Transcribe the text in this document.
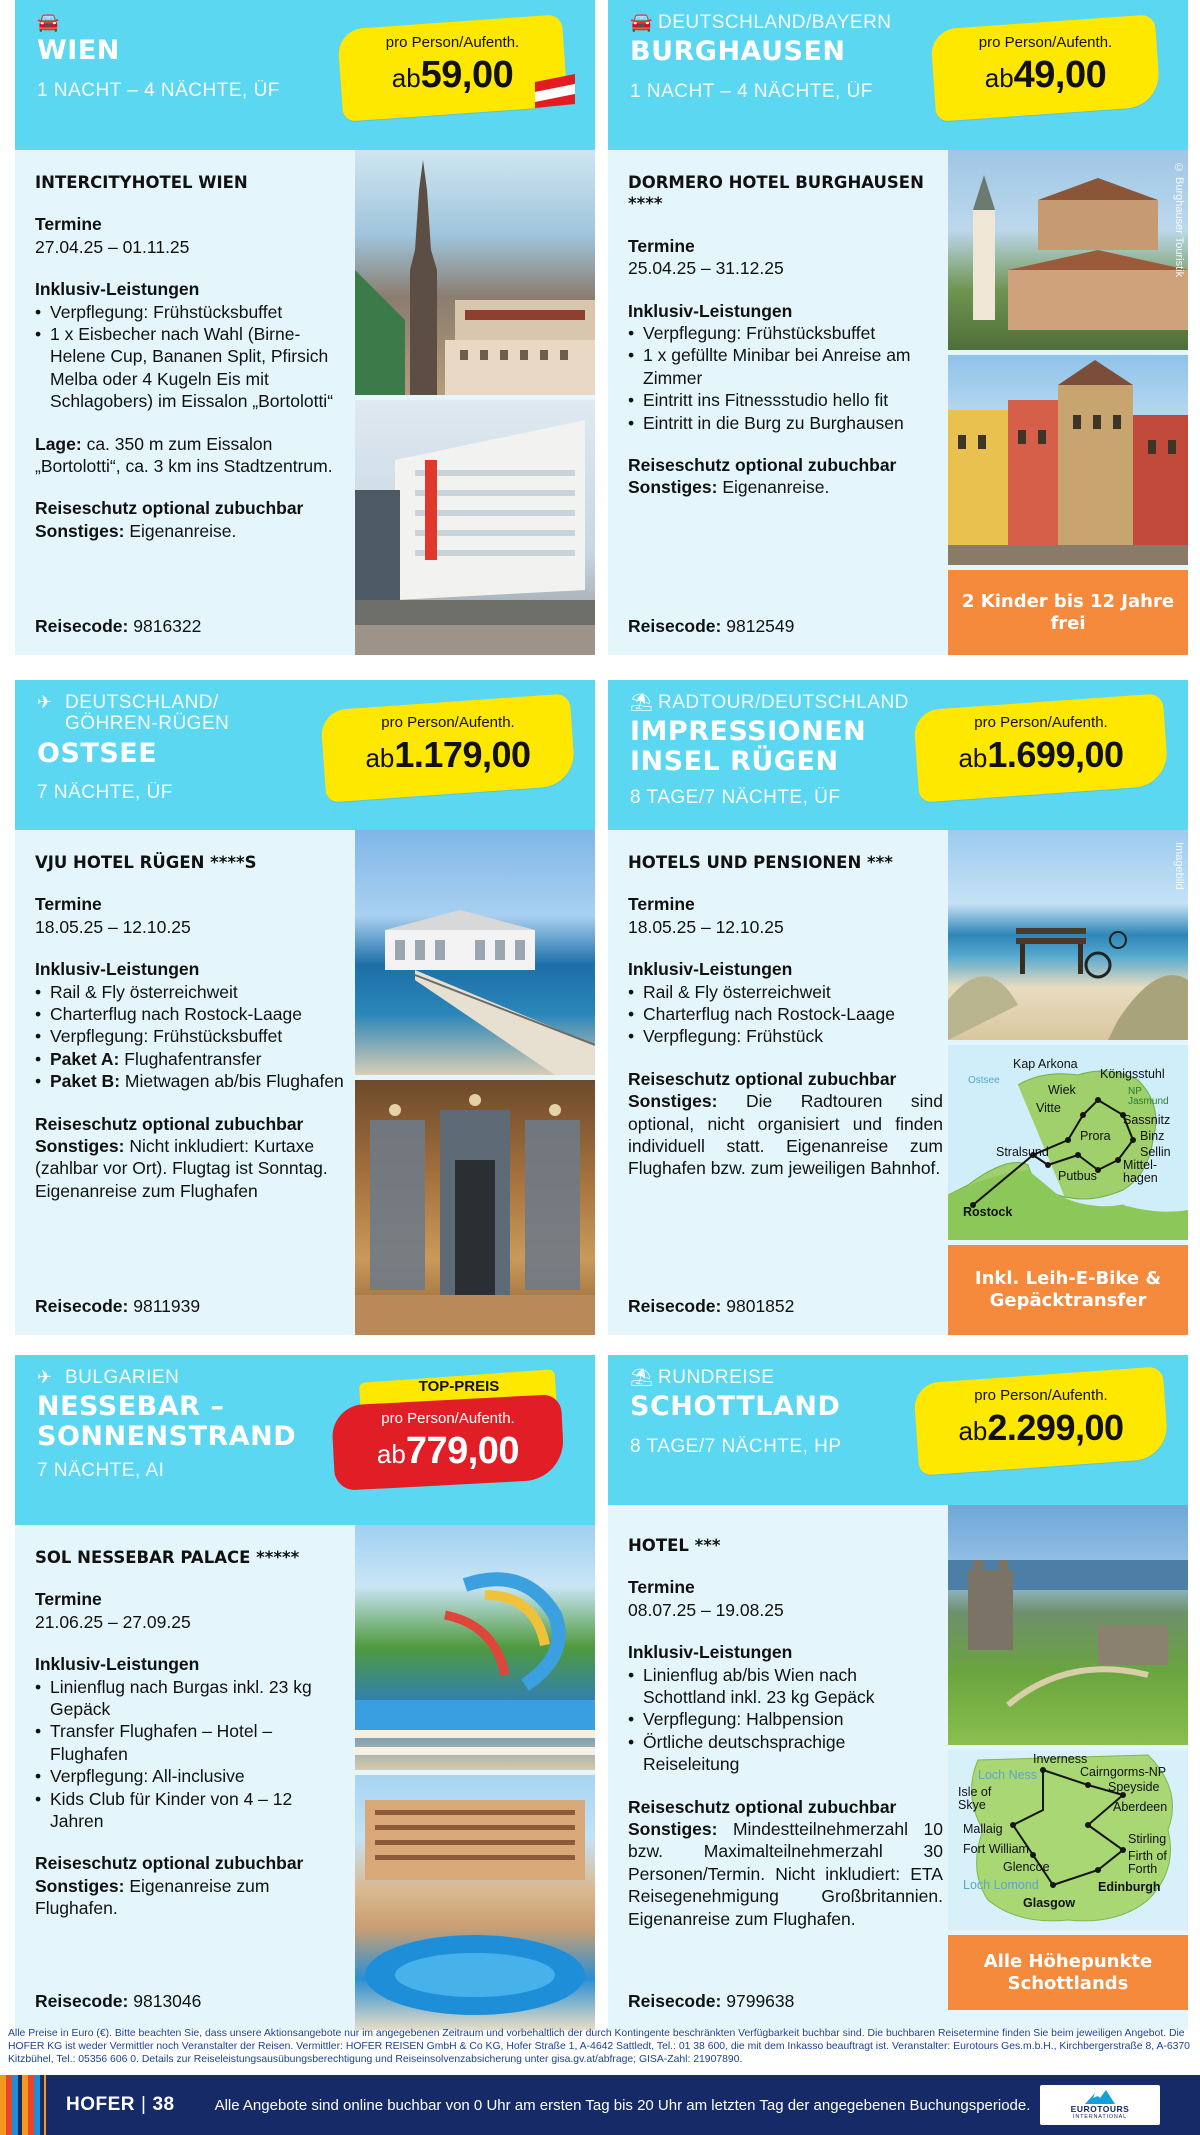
🚘
WIEN
1 NACHT – 4 NÄCHTE, ÜF
pro Person/Aufenth.
ab59,00
INTERCITYHOTEL WIEN
Termine
27.04.25 – 01.11.25
Inklusiv-Leistungen
• Verpflegung: Frühstücksbuffet
• 1 x Eisbecher nach Wahl (Birne-Helene Cup, Bananen Split, Pfirsich Melba oder 4 Kugeln Eis mit Schlagobers) im Eissalon „Bortolotti“
Lage: ca. 350 m zum Eissalon „Bortolotti“, ca. 3 km ins Stadtzentrum.
Reiseschutz optional zubuchbar
Sonstiges: Eigenanreise.
Reisecode: 9816322
🚘 DEUTSCHLAND/BAYERN
BURGHAUSEN
1 NACHT – 4 NÄCHTE, ÜF
pro Person/Aufenth.
ab49,00
DORMERO HOTEL BURGHAUSEN ****
Termine
25.04.25 – 31.12.25
Inklusiv-Leistungen
• Verpflegung: Frühstücksbuffet
• 1 x gefüllte Minibar bei Anreise am Zimmer
• Eintritt ins Fitnessstudio hello fit
• Eintritt in die Burg zu Burghausen
Reiseschutz optional zubuchbar
Sonstiges: Eigenanreise.
Reisecode: 9812549
© Burghauser Touristik
2 Kinder bis 12 Jahre frei
✈ DEUTSCHLAND/ GÖHREN-RÜGEN
OSTSEE
7 NÄCHTE, ÜF
pro Person/Aufenth.
ab1.179,00
VJU HOTEL RÜGEN ****S
Termine
18.05.25 – 12.10.25
Inklusiv-Leistungen
• Rail & Fly österreichweit
• Charterflug nach Rostock-Laage
• Verpflegung: Frühstücksbuffet
• Paket A: Flughafentransfer
• Paket B: Mietwagen ab/bis Flughafen
Reiseschutz optional zubuchbar
Sonstiges: Nicht inkludiert: Kurtaxe (zahlbar vor Ort). Flugtag ist Sonntag. Eigenanreise zum Flughafen
Reisecode: 9811939
⛱ RADTOUR/DEUTSCHLAND
IMPRESSIONEN INSEL RÜGEN
8 TAGE/7 NÄCHTE, ÜF
pro Person/Aufenth.
ab1.699,00
HOTELS UND PENSIONEN ***
Termine
18.05.25 – 12.10.25
Inklusiv-Leistungen
• Rail & Fly österreichweit
• Charterflug nach Rostock-Laage
• Verpflegung: Frühstück
Reiseschutz optional zubuchbar
Sonstiges: Die Radtouren sind optional, nicht organisiert und finden individuell statt. Eigenanreise zum Flughafen bzw. zum jeweiligen Bahnhof.
Reisecode: 9801852
Imagebild
Kap Arkona
Königsstuhl
Wiek
Vitte
NP Jasmund
Sassnitz
Binz
Prora
Sellin
Stralsund
Putbus
Mittel-hagen
Rostock
Ostsee
Inkl. Leih-E-Bike & Gepäcktransfer
✈ BULGARIEN
NESSEBAR – SONNENSTRAND
7 NÄCHTE, AI
TOP-PREIS
pro Person/Aufenth.
ab779,00
SOL NESSEBAR PALACE *****
Termine
21.06.25 – 27.09.25
Inklusiv-Leistungen
• Linienflug nach Burgas inkl. 23 kg Gepäck
• Transfer Flughafen – Hotel – Flughafen
• Verpflegung: All-inclusive
• Kids Club für Kinder von 4 – 12 Jahren
Reiseschutz optional zubuchbar
Sonstiges: Eigenanreise zum Flughafen.
Reisecode: 9813046
⛱ RUNDREISE
SCHOTTLAND
8 TAGE/7 NÄCHTE, HP
pro Person/Aufenth.
ab2.299,00
HOTEL ***
Termine
08.07.25 – 19.08.25
Inklusiv-Leistungen
• Linienflug ab/bis Wien nach Schottland inkl. 23 kg Gepäck
• Verpflegung: Halbpension
• Örtliche deutschsprachige Reiseleitung
Reiseschutz optional zubuchbar
Sonstiges: Mindestteilnehmerzahl 10 bzw. Maximalteilnehmerzahl 30 Personen/Termin. Nicht inkludiert: ETA Reisegenehmigung Großbritannien. Eigenanreise zum Flughafen.
Reisecode: 9799638
Inverness
Loch Ness	Cairngorms-NP
Speyside
Isle of Skye	Aberdeen
Mallaig
Fort William
Stirling
Glencoe
Firth of Forth
Loch Lomond	Edinburgh
Glasgow
Alle Höhepunkte Schottlands
Alle Preise in Euro (€). Bitte beachten Sie, dass unsere Aktionsangebote nur im angegebenen Zeitraum und vorbehaltlich der durch Kontingente beschränkten Verfügbarkeit buchbar sind. Die buchbaren Reisetermine finden Sie beim jeweiligen Angebot. Die HOFER KG ist weder Vermittler noch Veranstalter der Reisen. Vermittler: HOFER REISEN GmbH & Co KG, Hofer Straße 1, A-4642 Sattledt, Tel.: 01 38 600, die mit dem Inkasso beauftragt ist. Veranstalter: Eurotours Ges.m.b.H., Kirchbergerstraße 8, A-6370 Kitzbühel, Tel.: 05356 606 0. Details zur Reiseleistungsausübungsberechtigung und Reiseinsolvenzabsicherung unter gisa.gv.at/abfrage; GISA-Zahl: 21907890.
HOFER | 38	Alle Angebote sind online buchbar von 0 Uhr am ersten Tag bis 20 Uhr am letzten Tag der angegebenen Buchungsperiode.	EUROTOURS
INTERNATIONAL
